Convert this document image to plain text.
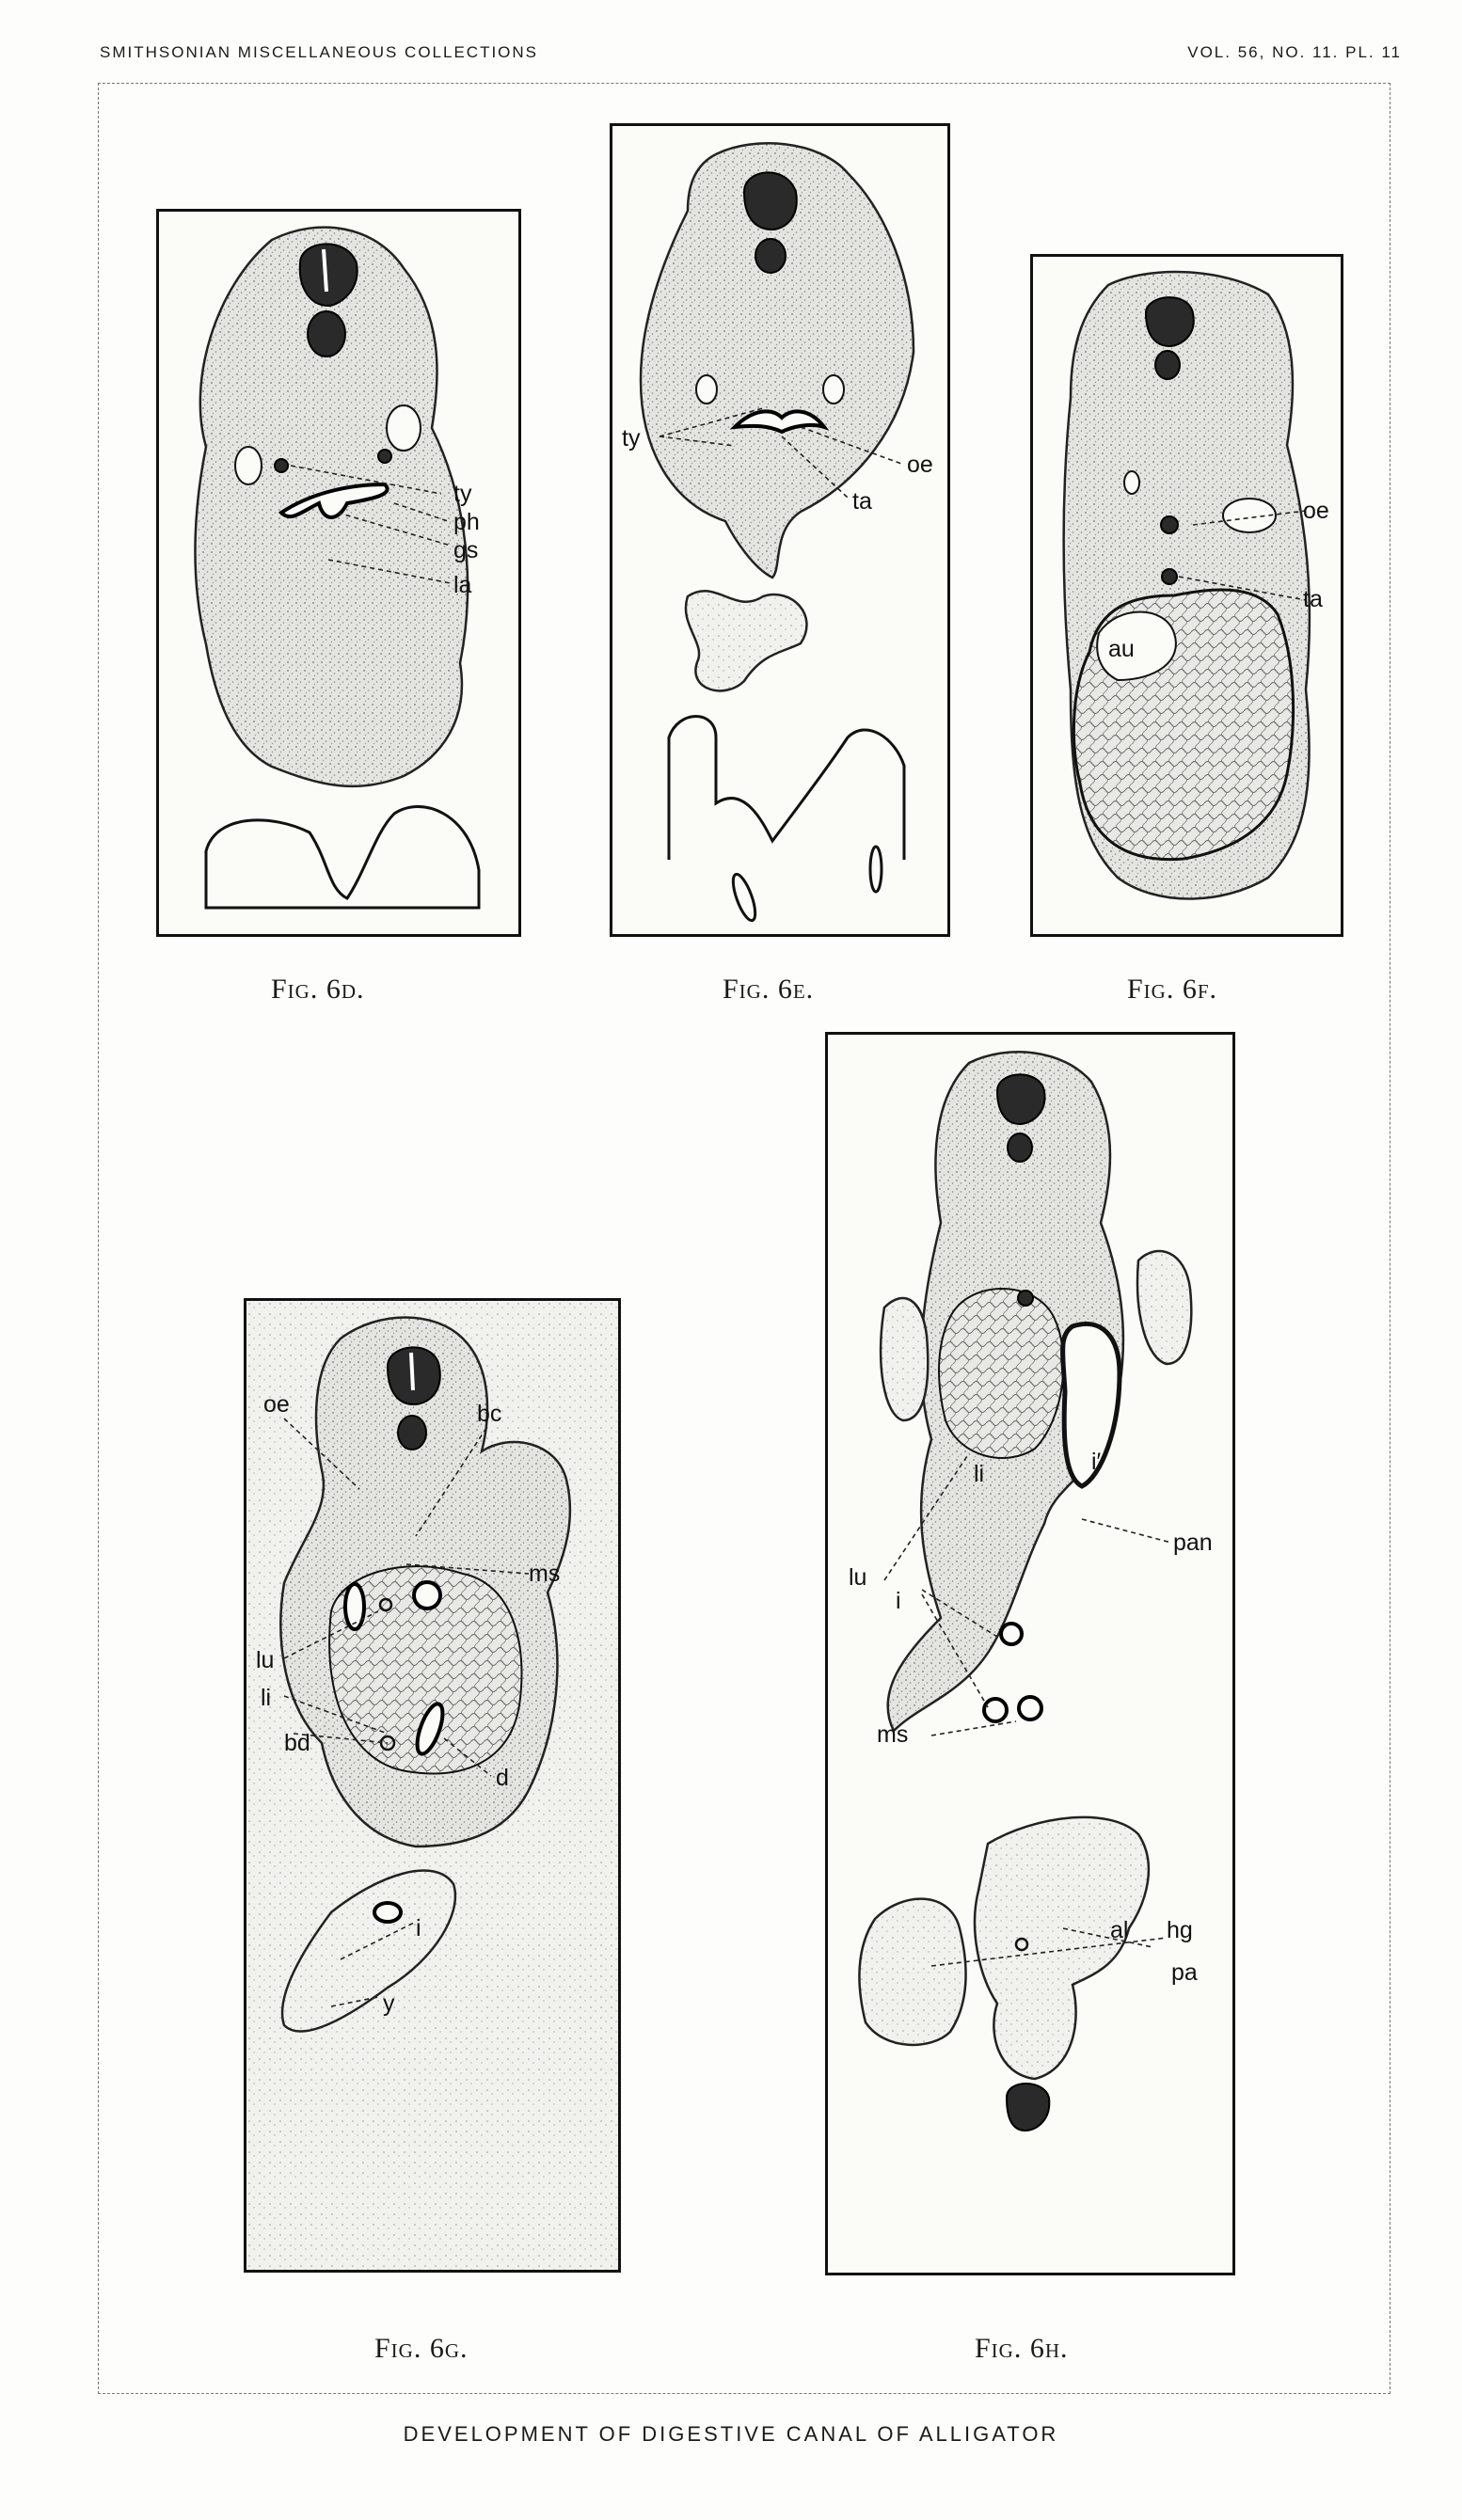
SMITHSONIAN MISCELLANEOUS COLLECTIONS	VOL. 56, NO. 11. PL. 11
ty
ph
gs
la
Fig. 6d.
ty
oe
ta
Fig. 6e.
oe
ta
au
Fig. 6f.
oe	bc
ms
lu
li
bd
d
i
y
Fig. 6g.
li	i′
lu
pan
i
ms
al hg
pa
Fig. 6h.
DEVELOPMENT OF DIGESTIVE CANAL OF ALLIGATOR
